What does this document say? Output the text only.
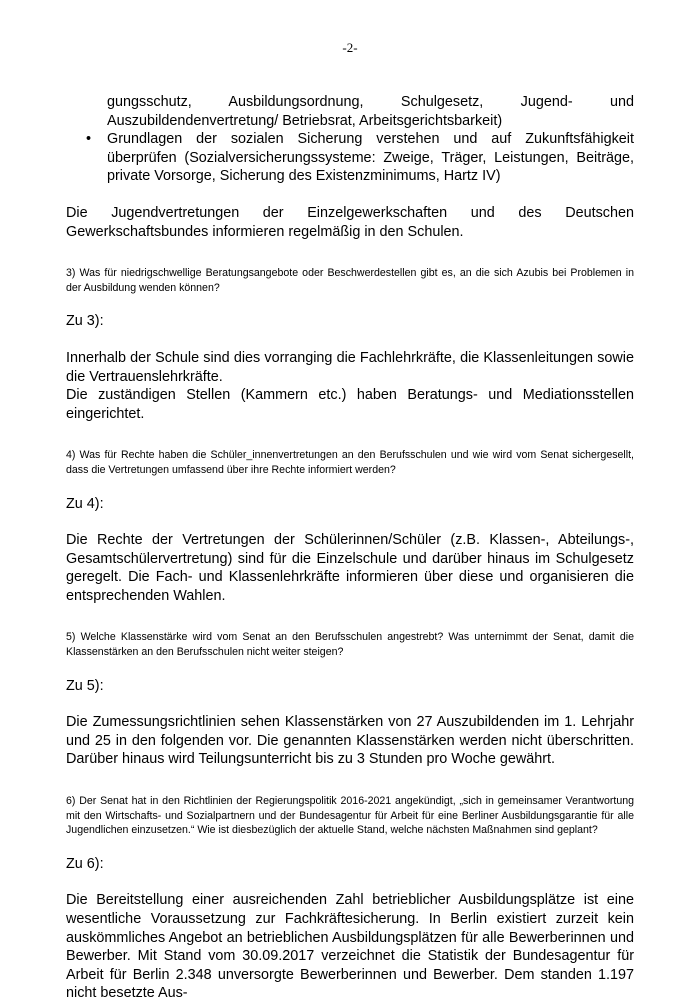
-2-

gungsschutz, Ausbildungsordnung, Schulgesetz, Jugend- und Auszubildendenvertretung/ Betriebsrat, Arbeitsgerichtsbarkeit)

• Grundlagen der sozialen Sicherung verstehen und auf Zukunftsfähigkeit überprüfen (Sozialversicherungssysteme: Zweige, Träger, Leistungen, Beiträge, private Vorsorge, Sicherung des Existenzminimums, Hartz IV)

Die Jugendvertretungen der Einzelgewerkschaften und des Deutschen Gewerkschaftsbundes informieren regelmäßig in den Schulen.

3) Was für niedrigschwellige Beratungsangebote oder Beschwerdestellen gibt es, an die sich Azubis bei Problemen in der Ausbildung wenden können?

Zu 3):

Innerhalb der Schule sind dies vorranging die Fachlehrkräfte, die Klassenleitungen sowie die Vertrauenslehrkräfte.

Die zuständigen Stellen (Kammern etc.) haben Beratungs- und Mediationsstellen eingerichtet.

4) Was für Rechte haben die Schüler_innenvertretungen an den Berufsschulen und wie wird vom Senat sichergesellt, dass die Vertretungen umfassend über ihre Rechte informiert werden?

Zu 4):

Die Rechte der Vertretungen der Schülerinnen/Schüler (z.B. Klassen-, Abteilungs-, Gesamtschülervertretung) sind für die Einzelschule und darüber hinaus im Schulgesetz geregelt. Die Fach- und Klassenlehrkräfte informieren über diese und organisieren die entsprechenden Wahlen.

5) Welche Klassenstärke wird vom Senat an den Berufsschulen angestrebt? Was unternimmt der Senat, damit die Klassenstärken an den Berufsschulen nicht weiter steigen?

Zu 5):

Die Zumessungsrichtlinien sehen Klassenstärken von 27 Auszubildenden im 1. Lehrjahr und 25 in den folgenden vor. Die genannten Klassenstärken werden nicht überschritten. Darüber hinaus wird Teilungsunterricht bis zu 3 Stunden pro Woche gewährt.

6) Der Senat hat in den Richtlinien der Regierungspolitik 2016-2021 angekündigt, „sich in gemeinsamer Verantwortung mit den Wirtschafts- und Sozialpartnern und der Bundesagentur für Arbeit für eine Berliner Ausbildungsgarantie für alle Jugendlichen einzusetzen.“ Wie ist diesbezüglich der aktuelle Stand, welche nächsten Maßnahmen sind geplant?

Zu 6):

Die Bereitstellung einer ausreichenden Zahl betrieblicher Ausbildungsplätze ist eine wesentliche Voraussetzung zur Fachkräftesicherung. In Berlin existiert zurzeit kein auskömmliches Angebot an betrieblichen Ausbildungsplätzen für alle Bewerberinnen und Bewerber. Mit Stand vom 30.09.2017 verzeichnet die Statistik der Bundesagentur für Arbeit für Berlin 2.348 unversorgte Bewerberinnen und Bewerber. Dem standen 1.197 nicht besetzte Aus-
